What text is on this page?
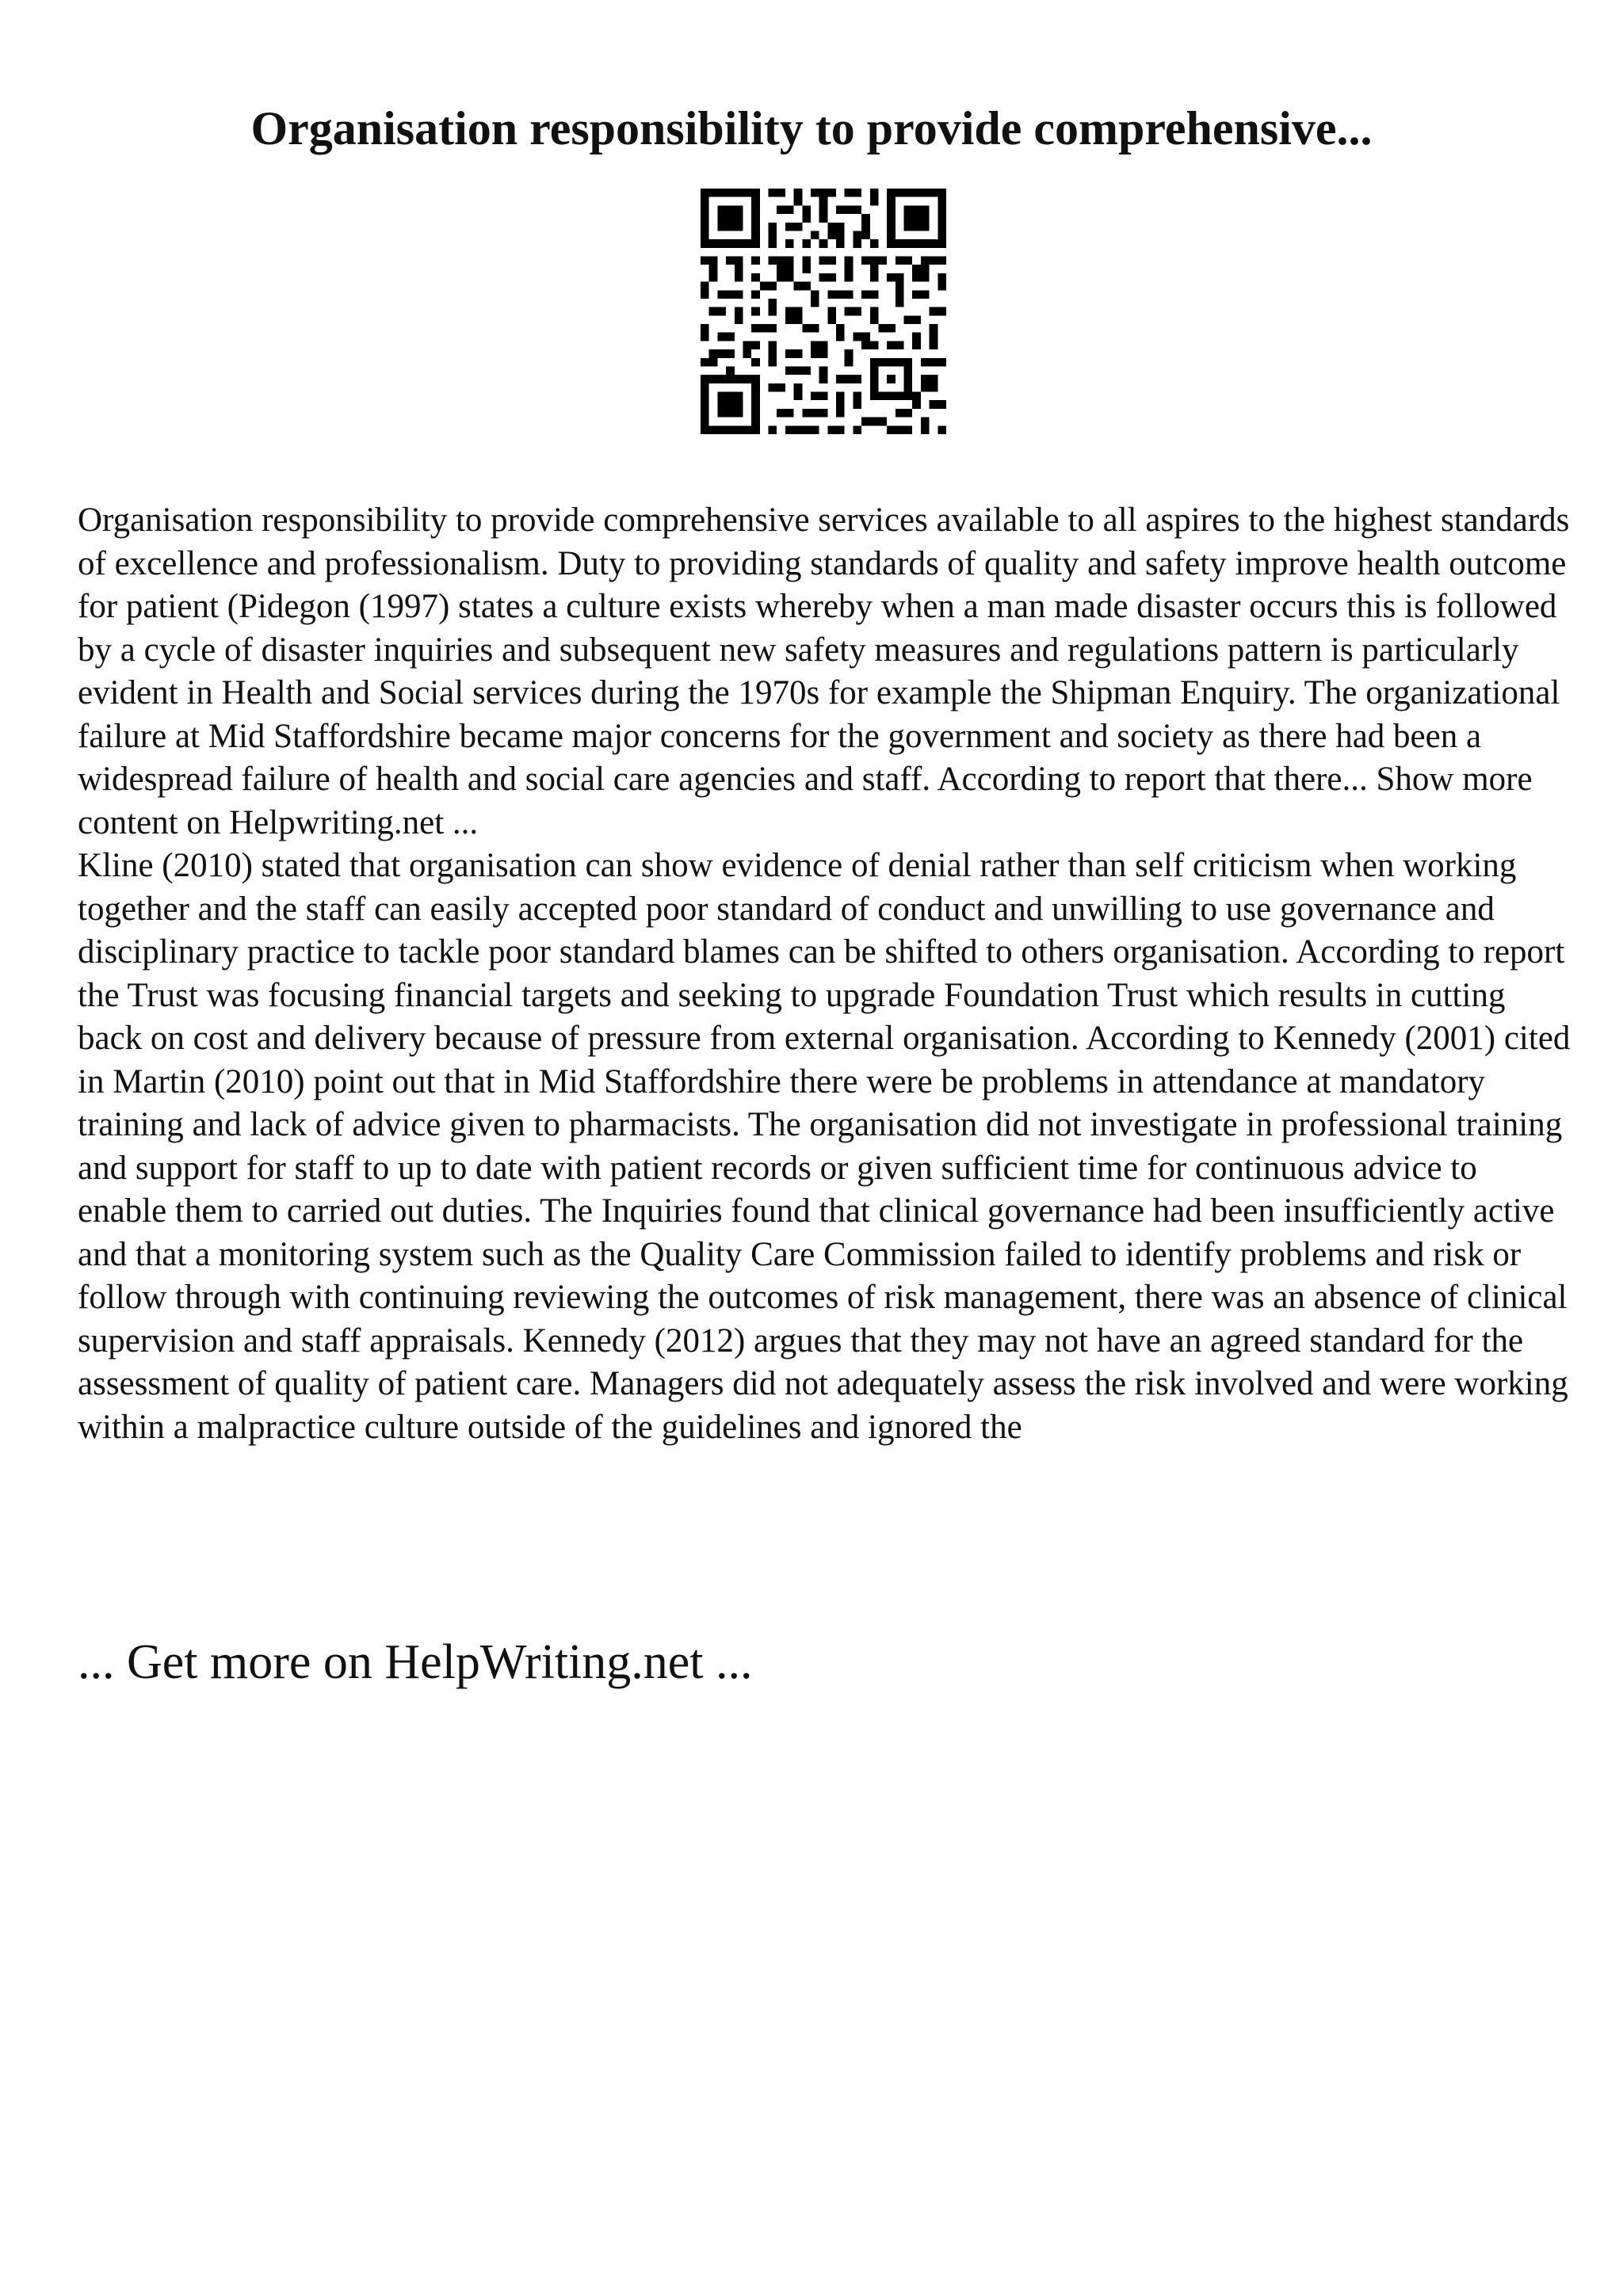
Organisation responsibility to provide comprehensive...

Organisation responsibility to provide comprehensive services available to all aspires to the highest standards of excellence and professionalism. Duty to providing standards of quality and safety improve health outcome for patient (Pidegon (1997) states a culture exists whereby when a man made disaster occurs this is followed by a cycle of disaster inquiries and subsequent new safety measures and regulations pattern is particularly evident in Health and Social services during the 1970s for example the Shipman Enquiry. The organizational failure at Mid Staffordshire became major concerns for the government and society as there had been a widespread failure of health and social care agencies and staff. According to report that there... Show more content on Helpwriting.net ...

Kline (2010) stated that organisation can show evidence of denial rather than self criticism when working together and the staff can easily accepted poor standard of conduct and unwilling to use governance and disciplinary practice to tackle poor standard blames can be shifted to others organisation. According to report the Trust was focusing financial targets and seeking to upgrade Foundation Trust which results in cutting back on cost and delivery because of pressure from external organisation. According to Kennedy (2001) cited in Martin (2010) point out that in Mid Staffordshire there were be problems in attendance at mandatory training and lack of advice given to pharmacists. The organisation did not investigate in professional training and support for staff to up to date with patient records or given sufficient time for continuous advice to enable them to carried out duties. The Inquiries found that clinical governance had been insufficiently active and that a monitoring system such as the Quality Care Commission failed to identify problems and risk or follow through with continuing reviewing the outcomes of risk management, there was an absence of clinical supervision and staff appraisals. Kennedy (2012) argues that they may not have an agreed standard for the assessment of quality of patient care. Managers did not adequately assess the risk involved and were working within a malpractice culture outside of the guidelines and ignored the

... Get more on HelpWriting.net ...
